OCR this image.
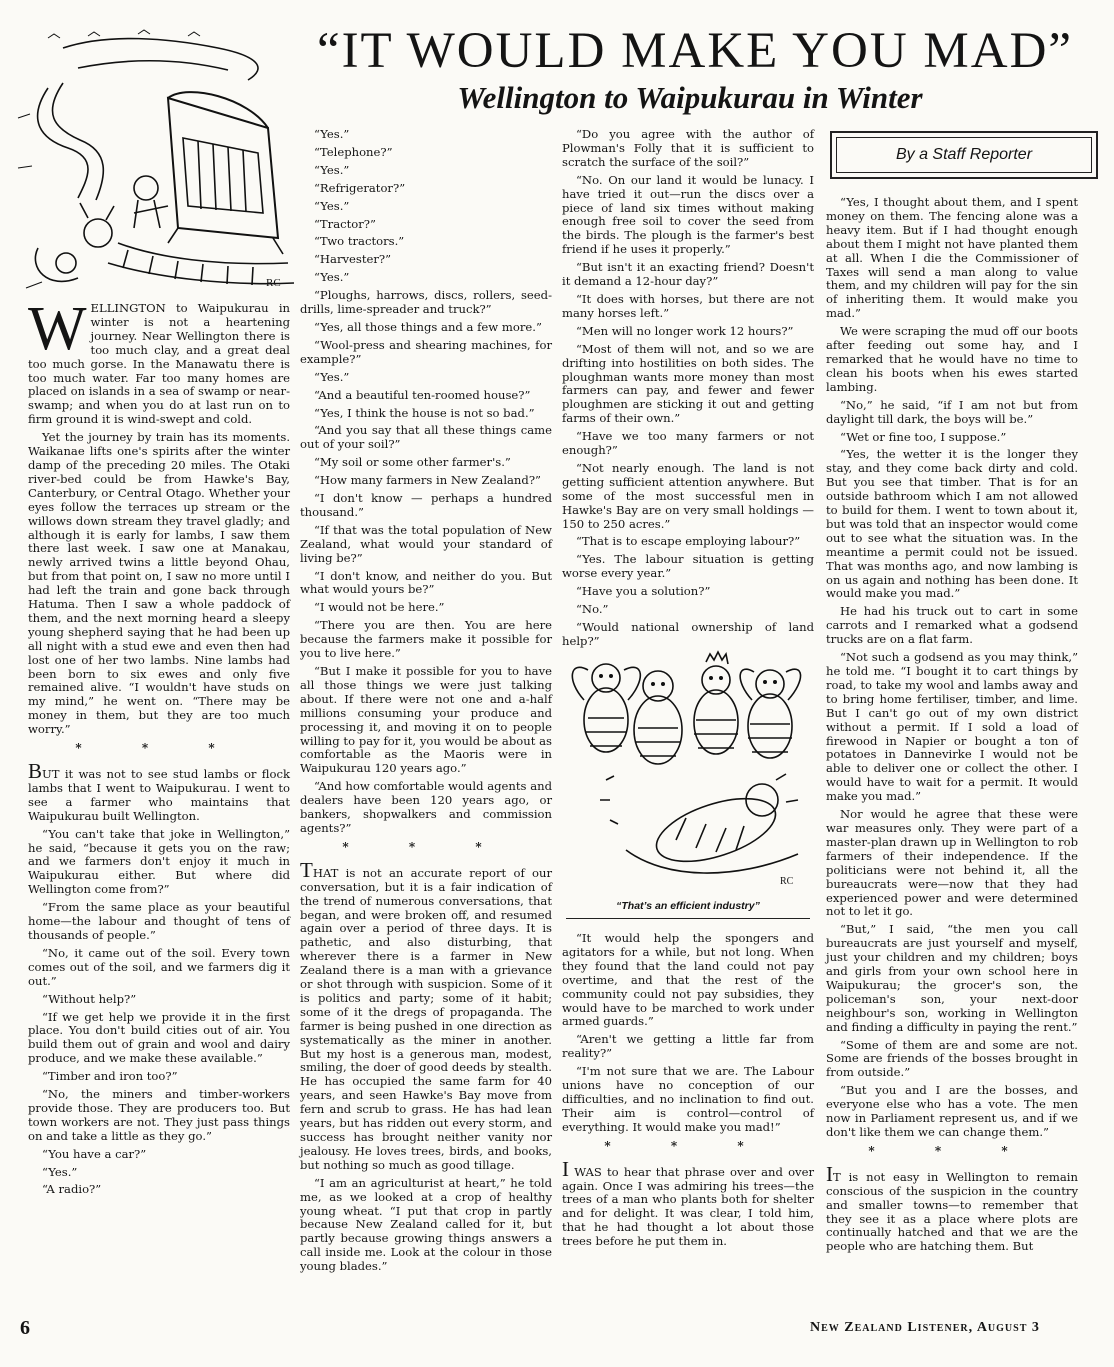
“IT WOULD MAKE YOU MAD”
Wellington to Waipukurau in Winter
RC

W ELLINGTON to Waipukurau in winter is not a heartening journey. Near Wellington there is too much clay, and a great deal too much gorse. In the Manawatu there is too much water. Far too many homes are placed on islands in a sea of swamp or near-swamp; and when you do at last run on to firm ground it is wind-swept and cold.

Yet the journey by train has its moments. Waikanae lifts one's spirits after the winter damp of the preceding 20 miles. The Otaki river-bed could be from Hawke's Bay, Canterbury, or Central Otago. Whether your eyes follow the terraces up stream or the willows down stream they travel gladly; and although it is early for lambs, I saw them there last week. I saw one at Manakau, newly arrived twins a little beyond Ohau, but from that point on, I saw no more until I had left the train and gone back through Hatuma. Then I saw a whole paddock of them, and the next morning heard a sleepy young shepherd saying that he had been up all night with a stud ewe and even then had lost one of her two lambs. Nine lambs had been born to six ewes and only five remained alive. “I wouldn't have studs on my mind,” he went on. “There may be money in them, but they are too much worry.”

* * *

BUT it was not to see stud lambs or flock lambs that I went to Waipukurau. I went to see a farmer who maintains that Waipukurau built Wellington.

“You can't take that joke in Wellington,” he said, “because it gets you on the raw; and we farmers don't enjoy it much in Waipukurau either. But where did Wellington come from?”

“From the same place as your beautiful home—the labour and thought of tens of thousands of people.”

“No, it came out of the soil. Every town comes out of the soil, and we farmers dig it out.”

“Without help?”

“If we get help we provide it in the first place. You don't build cities out of air. You build them out of grain and wool and dairy produce, and we make these available.”

“Timber and iron too?”

“No, the miners and timber-workers provide those. They are producers too. But town workers are not. They just pass things on and take a little as they go.”

“You have a car?”

“Yes.”

“A radio?”

“Yes.”

“Telephone?”

“Yes.”

“Refrigerator?”

“Yes.”

“Tractor?”

“Two tractors.”

“Harvester?”

“Yes.”

“Ploughs, harrows, discs, rollers, seed-drills, lime-spreader and truck?”

“Yes, all those things and a few more.”

“Wool-press and shearing machines, for example?”

“Yes.”

“And a beautiful ten-roomed house?”

“Yes, I think the house is not so bad.”

“And you say that all these things came out of your soil?”

“My soil or some other farmer's.”

“How many farmers in New Zealand?”

“I don't know — perhaps a hundred thousand.”

“If that was the total population of New Zealand, what would your standard of living be?”

“I don't know, and neither do you. But what would yours be?”

“I would not be here.”

“There you are then. You are here because the farmers make it possible for you to live here.”

“But I make it possible for you to have all those things we were just talking about. If there were not one and a-half millions consuming your produce and processing it, and moving it on to people willing to pay for it, you would be about as comfortable as the Maoris were in Waipukurau 120 years ago.”

“And how comfortable would agents and dealers have been 120 years ago, or bankers, shopwalkers and commission agents?”

* * *

THAT is not an accurate report of our conversation, but it is a fair indication of the trend of numerous conversations, that began, and were broken off, and resumed again over a period of three days. It is pathetic, and also disturbing, that wherever there is a farmer in New Zealand there is a man with a grievance or shot through with suspicion. Some of it is politics and party; some of it habit; some of it the dregs of propaganda. The farmer is being pushed in one direction as systematically as the miner in another. But my host is a generous man, modest, smiling, the doer of good deeds by stealth. He has occupied the same farm for 40 years, and seen Hawke's Bay move from fern and scrub to grass. He has had lean years, but has ridden out every storm, and success has brought neither vanity nor jealousy. He loves trees, birds, and books, but nothing so much as good tillage.

“I am an agriculturist at heart,” he told me, as we looked at a crop of healthy young wheat. “I put that crop in partly because New Zealand called for it, but partly because growing things answers a call inside me. Look at the colour in those young blades.”

“Do you agree with the author of Plowman's Folly that it is sufficient to scratch the surface of the soil?”

“No. On our land it would be lunacy. I have tried it out—run the discs over a piece of land six times without making enough free soil to cover the seed from the birds. The plough is the farmer's best friend if he uses it properly.”

“But isn't it an exacting friend? Doesn't it demand a 12-hour day?”

“It does with horses, but there are not many horses left.”

“Men will no longer work 12 hours?”

“Most of them will not, and so we are drifting into hostilities on both sides. The ploughman wants more money than most farmers can pay, and fewer and fewer ploughmen are sticking it out and getting farms of their own.”

“Have we too many farmers or not enough?”

“Not nearly enough. The land is not getting sufficient attention anywhere. But some of the most successful men in Hawke's Bay are on very small holdings —150 to 250 acres.”

“That is to escape employing labour?”

“Yes. The labour situation is getting worse every year.”

“Have you a solution?”

“No.”

“Would national ownership of land help?”

RC
“That’s an efficient industry”

“It would help the spongers and agitators for a while, but not long. When they found that the land could not pay overtime, and that the rest of the community could not pay subsidies, they would have to be marched to work under armed guards.”

“Aren't we getting a little far from reality?”

“I'm not sure that we are. The Labour unions have no conception of our difficulties, and no inclination to find out. Their aim is control—control of everything. It would make you mad!”

* * *

I WAS to hear that phrase over and over again. Once I was admiring his trees—the trees of a man who plants both for shelter and for delight. It was clear, I told him, that he had thought a lot about those trees before he put them in.

By a Staff Reporter

“Yes, I thought about them, and I spent money on them. The fencing alone was a heavy item. But if I had thought enough about them I might not have planted them at all. When I die the Commissioner of Taxes will send a man along to value them, and my children will pay for the sin of inheriting them. It would make you mad.”

We were scraping the mud off our boots after feeding out some hay, and I remarked that he would have no time to clean his boots when his ewes started lambing.

“No,” he said, “if I am not but from daylight till dark, the boys will be.”

“Wet or fine too, I suppose.”

“Yes, the wetter it is the longer they stay, and they come back dirty and cold. But you see that timber. That is for an outside bathroom which I am not allowed to build for them. I went to town about it, but was told that an inspector would come out to see what the situation was. In the meantime a permit could not be issued. That was months ago, and now lambing is on us again and nothing has been done. It would make you mad.”

He had his truck out to cart in some carrots and I remarked what a godsend trucks are on a flat farm.

“Not such a godsend as you may think,” he told me. “I bought it to cart things by road, to take my wool and lambs away and to bring home fertiliser, timber, and lime. But I can't go out of my own district without a permit. If I sold a load of firewood in Napier or bought a ton of potatoes in Dannevirke I would not be able to deliver one or collect the other. I would have to wait for a permit. It would make you mad.”

Nor would he agree that these were war measures only. They were part of a master-plan drawn up in Wellington to rob farmers of their independence. If the politicians were not behind it, all the bureaucrats were—now that they had experienced power and were determined not to let it go.

“But,” I said, “the men you call bureaucrats are just yourself and myself, just your children and my children; boys and girls from your own school here in Waipukurau; the grocer's son, the policeman's son, your next-door neighbour's son, working in Wellington and finding a difficulty in paying the rent.”

“Some of them are and some are not. Some are friends of the bosses brought in from outside.”

“But you and I are the bosses, and everyone else who has a vote. The men now in Parliament represent us, and if we don't like them we can change them.”

* * *

IT is not easy in Wellington to remain conscious of the suspicion in the country and smaller towns—to remember that they see it as a place where plots are continually hatched and that we are the people who are hatching them. But

6	New Zealand Listener, August 3
